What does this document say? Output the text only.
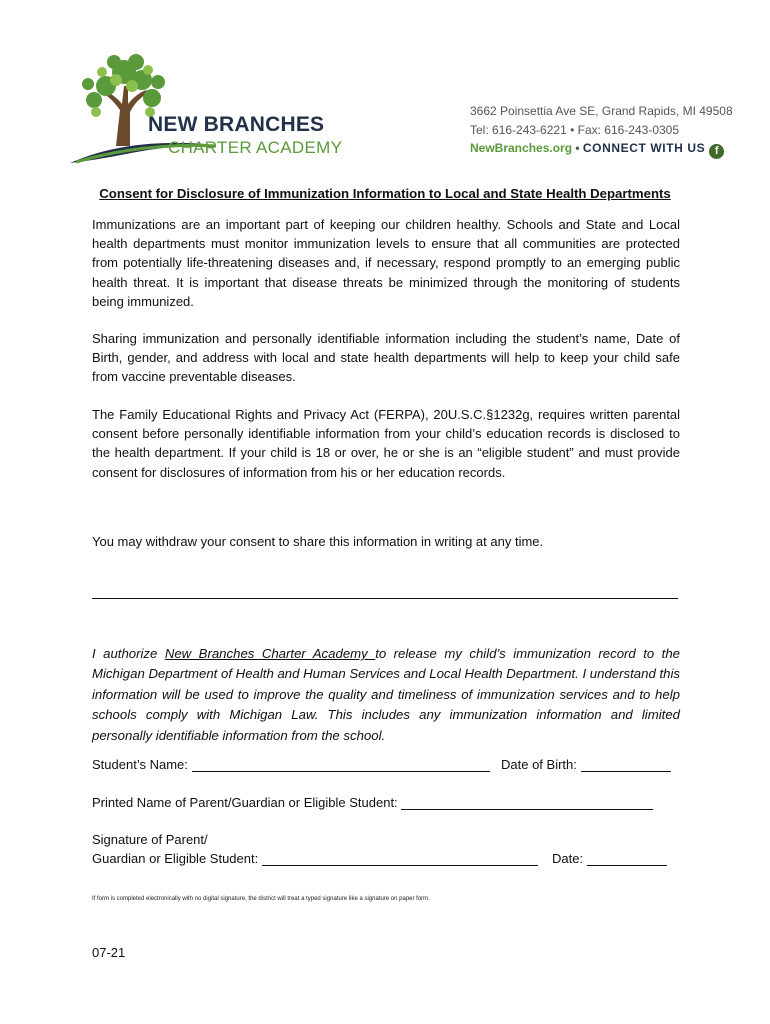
NEW BRANCHES
CHARTER ACADEMY
3662 Poinsettia Ave SE, Grand Rapids, MI 49508
Tel: 616-243-6221 • Fax: 616-243-0305
NewBranches.org • CONNECT WITH US f
Consent for Disclosure of Immunization Information to Local and State Health Departments

Immunizations are an important part of keeping our children healthy. Schools and State and Local health departments must monitor immunization levels to ensure that all communities are protected from potentially life-threatening diseases and, if necessary, respond promptly to an emerging public health threat. It is important that disease threats be minimized through the monitoring of students being immunized.

Sharing immunization and personally identifiable information including the student’s name, Date of Birth, gender, and address with local and state health departments will help to keep your child safe from vaccine preventable diseases.

The Family Educational Rights and Privacy Act (FERPA), 20U.S.C.§1232g, requires written parental consent before personally identifiable information from your child’s education records is disclosed to the health department. If your child is 18 or over, he or she is an “eligible student” and must provide consent for disclosures of information from his or her education records.

You may withdraw your consent to share this information in writing at any time.

I authorize New Branches Charter Academy to release my child’s immunization record to the Michigan Department of Health and Human Services and Local Health Department. I understand this information will be used to improve the quality and timeliness of immunization services and to help schools comply with Michigan Law. This includes any immunization information and limited personally identifiable information from the school.

Student’s Name:	Date of Birth:
Printed Name of Parent/Guardian or Eligible Student:
Signature of Parent/
Guardian or Eligible Student:	Date:
If form is completed electronically with no digital signature, the district will treat a typed signature like a signature on paper form.
07-21
